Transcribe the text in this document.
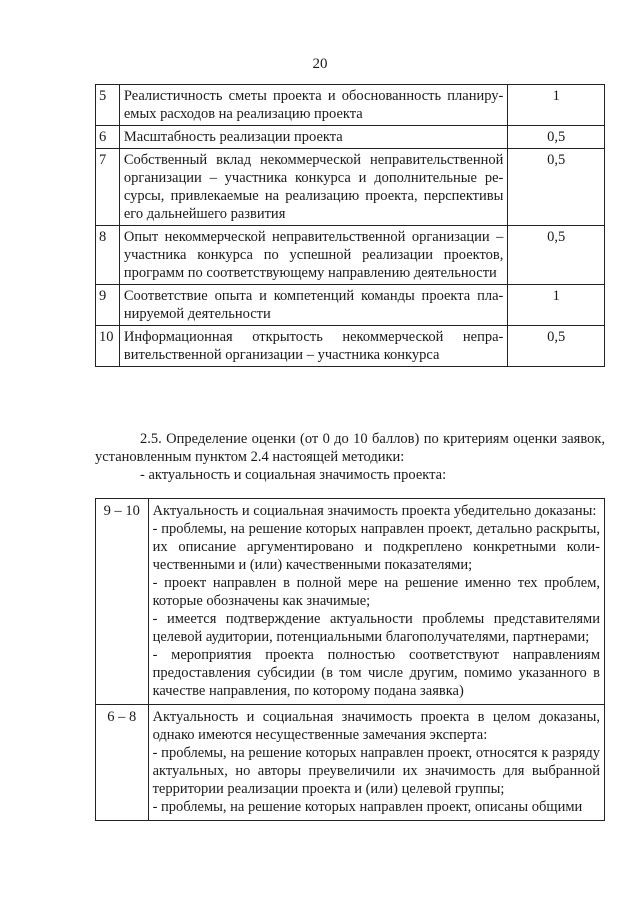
20
5	Реалистичность сметы проекта и обоснованность планируемых расходов на реализацию проекта	1
6	Масштабность реализации проекта	0,5
7	Собственный вклад некоммерческой неправительственной организации – участника конкурса и дополнительные ресурсы, привлекаемые на реализацию проекта, перспективы его дальнейшего развития	0,5
8	Опыт некоммерческой неправительственной организации – участника конкурса по успешной реализации проектов, программ по соответствующему направлению деятельности	0,5
9	Соответствие опыта и компетенций команды проекта планируемой деятельности	1
10	Информационная открытость некоммерческой неправительственной организации – участника конкурса	0,5

2.5. Определение оценки (от 0 до 10 баллов) по критериям оценки заявок, установленным пунктом 2.4 настоящей методики:

- актуальность и социальная значимость проекта:

9 – 10	Актуальность и социальная значимость проекта убедительно доказаны:
- проблемы, на решение которых направлен проект, детально раскрыты, их описание аргументировано и подкреплено конкретными количественными и (или) качественными показателями;
- проект направлен в полной мере на решение именно тех проблем, которые обозначены как значимые;
- имеется подтверждение актуальности проблемы представителями целевой аудитории, потенциальными благополучателями, партнерами;
- мероприятия проекта полностью соответствуют направлениям предоставления субсидии (в том числе другим, помимо указанного в качестве направления, по которому подана заявка)

6 – 8	Актуальность и социальная значимость проекта в целом доказаны, однако имеются несущественные замечания эксперта:
- проблемы, на решение которых направлен проект, относятся к разряду актуальных, но авторы преувеличили их значимость для выбранной территории реализации проекта и (или) целевой группы;
- проблемы, на решение которых направлен проект, описаны общими
